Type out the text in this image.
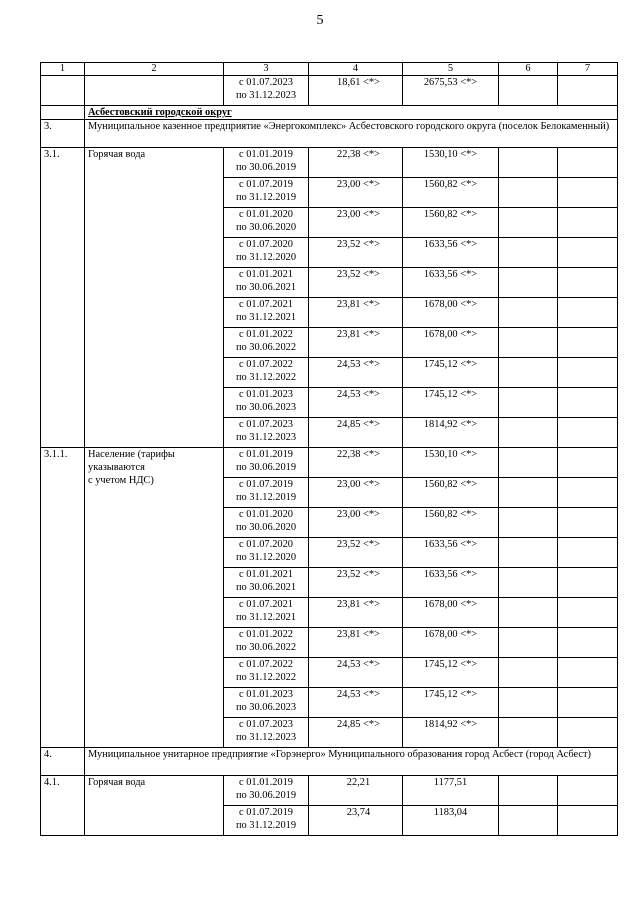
5
1	2	3	4	5	6	7
		с 01.07.2023
по 31.12.2023	18,61 <*>	2675,53 <*>		
	Асбестовский городской округ					
3.	Муниципальное казенное предприятие «Энергокомплекс» Асбестовского городского округа (поселок Белокаменный)					
3.1.	Горячая вода	с 01.01.2019
по 30.06.2019	22,38 <*>	1530,10 <*>		
		с 01.07.2019
по 31.12.2019	23,00 <*>	1560,82 <*>		
		с 01.01.2020
по 30.06.2020	23,00 <*>	1560,82 <*>		
		с 01.07.2020
по 31.12.2020	23,52 <*>	1633,56 <*>		
		с 01.01.2021
по 30.06.2021	23,52 <*>	1633,56 <*>		
		с 01.07.2021
по 31.12.2021	23,81 <*>	1678,00 <*>		
		с 01.01.2022
по 30.06.2022	23,81 <*>	1678,00 <*>		
		с 01.07.2022
по 31.12.2022	24,53 <*>	1745,12 <*>		
		с 01.01.2023
по 30.06.2023	24,53 <*>	1745,12 <*>		
		с 01.07.2023
по 31.12.2023	24,85 <*>	1814,92 <*>		
3.1.1.	Население (тарифы
указываются
с учетом НДС)	с 01.01.2019
по 30.06.2019	22,38 <*>	1530,10 <*>		
		с 01.07.2019
по 31.12.2019	23,00 <*>	1560,82 <*>		
		с 01.01.2020
по 30.06.2020	23,00 <*>	1560,82 <*>		
		с 01.07.2020
по 31.12.2020	23,52 <*>	1633,56 <*>		
		с 01.01.2021
по 30.06.2021	23,52 <*>	1633,56 <*>		
		с 01.07.2021
по 31.12.2021	23,81 <*>	1678,00 <*>		
		с 01.01.2022
по 30.06.2022	23,81 <*>	1678,00 <*>		
		с 01.07.2022
по 31.12.2022	24,53 <*>	1745,12 <*>		
		с 01.01.2023
по 30.06.2023	24,53 <*>	1745,12 <*>		
		с 01.07.2023
по 31.12.2023	24,85 <*>	1814,92 <*>		
4.	Муниципальное унитарное предприятие «Горэнерго» Муниципального образования город Асбест (город Асбест)					
4.1.	Горячая вода	с 01.01.2019
по 30.06.2019	22,21	1177,51		
		с 01.07.2019
по 31.12.2019	23,74	1183,04		
